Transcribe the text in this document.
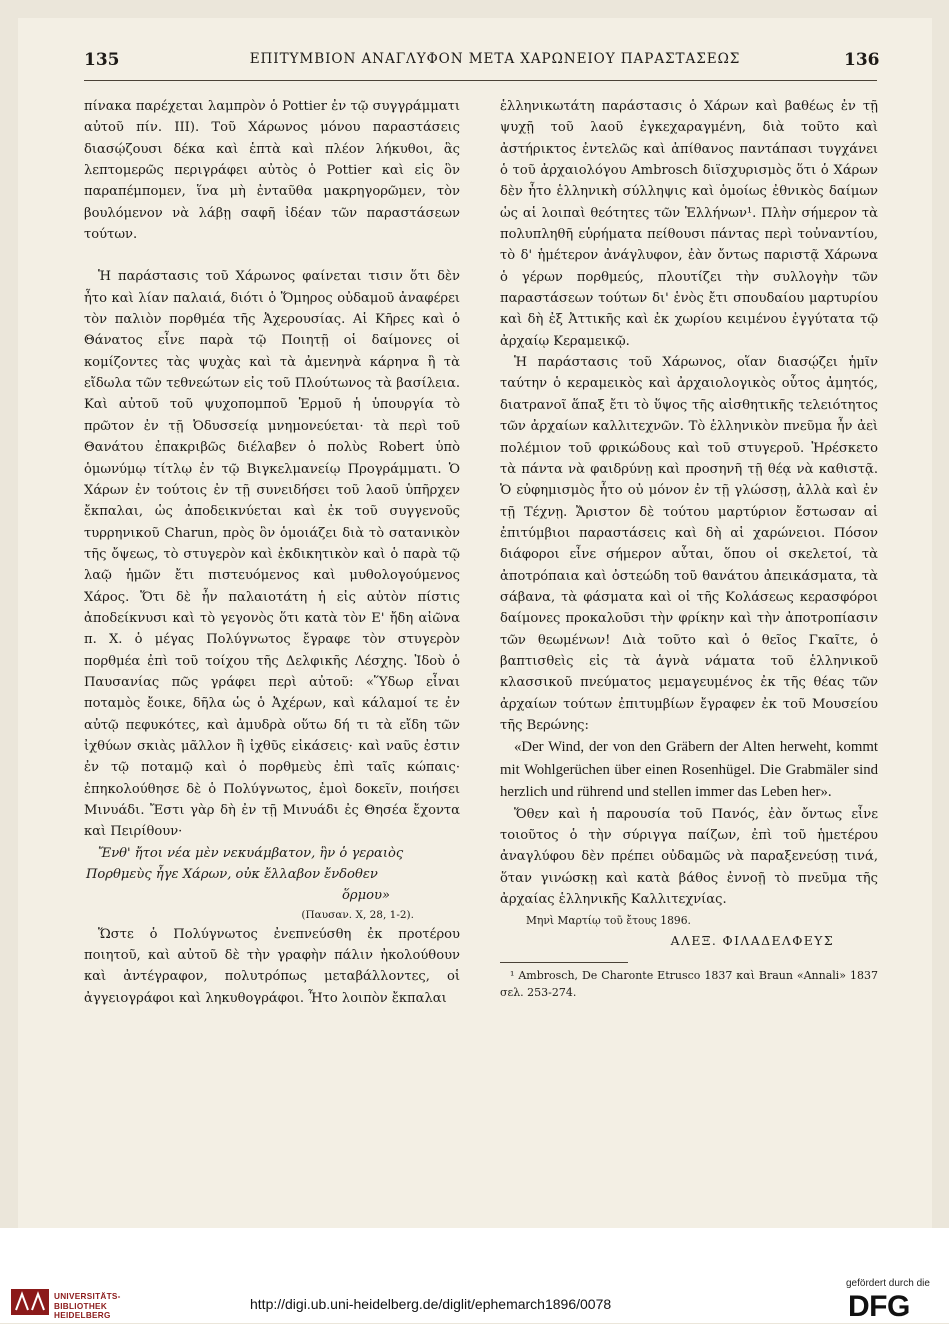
135	ΕΠΙΤΥΜΒΙΟΝ ΑΝΑΓΛΥΦΟΝ ΜΕΤΑ ΧΑΡΩΝΕΙΟΥ ΠΑΡΑΣΤΑΣΕΩΣ	136

πίνακα παρέχεται λαμπρὸν ὁ Pottier ἐν τῷ συγγράμματι αὐτοῦ πίν. III). Τοῦ Χάρωνος μόνου παραστάσεις διασῴζουσι δέκα καὶ ἑπτὰ καὶ πλέον λήκυθοι, ἃς λεπτομερῶς περιγράφει αὐτὸς ὁ Pottier καὶ εἰς ὃν παραπέμπομεν, ἵνα μὴ ἐνταῦθα μακρηγορῶμεν, τὸν βουλόμενον νὰ λάβῃ σαφῆ ἰδέαν τῶν παραστάσεων τούτων.

Ἡ παράστασις τοῦ Χάρωνος φαίνεται τισιν ὅτι δὲν ἦτο καὶ λίαν παλαιά, διότι ὁ Ὅμηρος οὐδαμοῦ ἀναφέρει τὸν παλιὸν πορθμέα τῆς Ἀχερουσίας. Αἱ Κῆρες καὶ ὁ Θάνατος εἶνε παρὰ τῷ Ποιητῇ οἱ δαίμονες οἱ κομίζοντες τὰς ψυχὰς καὶ τὰ ἀμενηνὰ κάρηνα ἢ τὰ εἴδωλα τῶν τεθνεώτων εἰς τοῦ Πλούτωνος τὰ βασίλεια. Καὶ αὐτοῦ τοῦ ψυχοπομποῦ Ἑρμοῦ ἡ ὑπουργία τὸ πρῶτον ἐν τῇ Ὀδυσσείᾳ μνημονεύεται· τὰ περὶ τοῦ Θανάτου ἐπακριβῶς διέλαβεν ὁ πολὺς Robert ὑπὸ ὁμωνύμῳ τίτλῳ ἐν τῷ Βιγκελμανείῳ Προγράμματι. Ὁ Χάρων ἐν τούτοις ἐν τῇ συνειδήσει τοῦ λαοῦ ὑπῆρχεν ἔκπαλαι, ὡς ἀποδεικνύεται καὶ ἐκ τοῦ συγγενοῦς τυρρηνικοῦ Charun, πρὸς ὃν ὁμοιάζει διὰ τὸ σατανικὸν τῆς ὄψεως, τὸ στυγερὸν καὶ ἐκδικητικὸν καὶ ὁ παρὰ τῷ λαῷ ἡμῶν ἔτι πιστευόμενος καὶ μυθολογούμενος Χάρος. Ὅτι δὲ ἦν παλαιοτάτη ἡ εἰς αὐτὸν πίστις ἀποδείκνυσι καὶ τὸ γεγονὸς ὅτι κατὰ τὸν Ε' ἤδη αἰῶνα π. Χ. ὁ μέγας Πολύγνωτος ἔγραφε τὸν στυγερὸν πορθμέα ἐπὶ τοῦ τοίχου τῆς Δελφικῆς Λέσχης. Ἰδοὺ ὁ Παυσανίας πῶς γράφει περὶ αὐτοῦ: «Ὕδωρ εἶναι ποταμὸς ἔοικε, δῆλα ὡς ὁ Ἀχέρων, καὶ κάλαμοί τε ἐν αὐτῷ πεφυκότες, καὶ ἀμυδρὰ οὕτω δή τι τὰ εἴδη τῶν ἰχθύων σκιὰς μᾶλλον ἢ ἰχθῦς εἰκάσεις· καὶ ναῦς ἐστιν ἐν τῷ ποταμῷ καὶ ὁ πορθμεὺς ἐπὶ ταῖς κώπαις· ἐπηκολούθησε δὲ ὁ Πολύγνωτος, ἐμοὶ δοκεῖν, ποιήσει Μινυάδι. Ἔστι γὰρ δὴ ἐν τῇ Μινυάδι ἐς Θησέα ἔχοντα καὶ Πειρίθουν·

Ἔνθ' ἤτοι νέα μὲν νεκυάμβατον, ἣν ὁ γεραιὸς

Πορθμεὺς ἦγε Χάρων, οὐκ ἔλλαβον ἔνδοθεν

ὅρμου»

(Παυσαν. X, 28, 1-2).

Ὥστε ὁ Πολύγνωτος ἐνεπνεύσθη ἐκ προτέρου ποιητοῦ, καὶ αὐτοῦ δὲ τὴν γραφὴν πάλιν ἠκολούθουν καὶ ἀντέγραφον, πολυτρόπως μεταβάλλοντες, οἱ ἀγγειογράφοι καὶ ληκυθογράφοι. Ἦτο λοιπὸν ἔκπαλαι

ἑλληνικωτάτη παράστασις ὁ Χάρων καὶ βαθέως ἐν τῇ ψυχῇ τοῦ λαοῦ ἐγκεχαραγμένη, διὰ τοῦτο καὶ ἀστήρικτος ἐντελῶς καὶ ἀπίθανος παντάπασι τυγχάνει ὁ τοῦ ἀρχαιολόγου Ambrosch διϊσχυρισμὸς ὅτι ὁ Χάρων δὲν ἦτο ἑλληνικὴ σύλληψις καὶ ὁμοίως ἐθνικὸς δαίμων ὡς αἱ λοιπαὶ θεότητες τῶν Ἑλλήνων¹. Πλὴν σήμερον τὰ πολυπληθῆ εὑρήματα πείθουσι πάντας περὶ τοὐναντίου, τὸ δ' ἡμέτερον ἀνάγλυφον, ἐὰν ὄντως παριστᾷ Χάρωνα ὁ γέρων πορθμεύς, πλουτίζει τὴν συλλογὴν τῶν παραστάσεων τούτων δι' ἑνὸς ἔτι σπουδαίου μαρτυρίου καὶ δὴ ἐξ Ἀττικῆς καὶ ἐκ χωρίου κειμένου ἐγγύτατα τῷ ἀρχαίῳ Κεραμεικῷ.

Ἡ παράστασις τοῦ Χάρωνος, οἵαν διασῴζει ἡμῖν ταύτην ὁ κεραμεικὸς καὶ ἀρχαιολογικὸς οὗτος ἀμητός, διατρανοῖ ἅπαξ ἔτι τὸ ὕψος τῆς αἰσθητικῆς τελειότητος τῶν ἀρχαίων καλλιτεχνῶν. Τὸ ἑλληνικὸν πνεῦμα ἦν ἀεὶ πολέμιον τοῦ φρικώδους καὶ τοῦ στυγεροῦ. Ἠρέσκετο τὰ πάντα νὰ φαιδρύνῃ καὶ προσηνῆ τῇ θέᾳ νὰ καθιστᾷ. Ὁ εὐφημισμὸς ἦτο οὐ μόνον ἐν τῇ γλώσσῃ, ἀλλὰ καὶ ἐν τῇ Τέχνῃ. Ἄριστον δὲ τούτου μαρτύριον ἔστωσαν αἱ ἐπιτύμβιοι παραστάσεις καὶ δὴ αἱ χαρώνειοι. Πόσον διάφοροι εἶνε σήμερον αὗται, ὅπου οἱ σκελετοί, τὰ ἀποτρόπαια καὶ ὀστεώδη τοῦ θανάτου ἀπεικάσματα, τὰ σάβανα, τὰ φάσματα καὶ οἱ τῆς Κολάσεως κερασφόροι δαίμονες προκαλοῦσι τὴν φρίκην καὶ τὴν ἀποτροπίασιν τῶν θεωμένων! Διὰ τοῦτο καὶ ὁ θεῖος Γκαῖτε, ὁ βαπτισθεὶς εἰς τὰ ἁγνὰ νάματα τοῦ ἑλληνικοῦ κλασσικοῦ πνεύματος μεμαγευμένος ἐκ τῆς θέας τῶν ἀρχαίων τούτων ἐπιτυμβίων ἔγραφεν ἐκ τοῦ Μουσείου τῆς Βερώνης:

«Der Wind, der von den Gräbern der Alten herweht, kommt mit Wohlgerüchen über einen Rosenhügel. Die Grabmäler sind herzlich und rührend und stellen immer das Leben her».

Ὅθεν καὶ ἡ παρουσία τοῦ Πανός, ἐὰν ὄντως εἶνε τοιοῦτος ὁ τὴν σύριγγα παίζων, ἐπὶ τοῦ ἡμετέρου ἀναγλύφου δὲν πρέπει οὐδαμῶς νὰ παραξενεύσῃ τινά, ὅταν γινώσκῃ καὶ κατὰ βάθος ἐννοῇ τὸ πνεῦμα τῆς ἀρχαίας ἑλληνικῆς Καλλιτεχνίας.

Μηνὶ Μαρτίῳ τοῦ ἔτους 1896.

ΑΛΕΞ. ΦΙΛΑΔΕΛΦΕΥΣ

¹ Ambrosch, De Charonte Etrusco 1837 καὶ Braun «Annali» 1837 σελ. 253-274.

UNIVERSITÄTS-
BIBLIOTHEK
HEIDELBERG
http://digi.ub.uni-heidelberg.de/diglit/ephemarch1896/0078
gefördert durch die
DFG
